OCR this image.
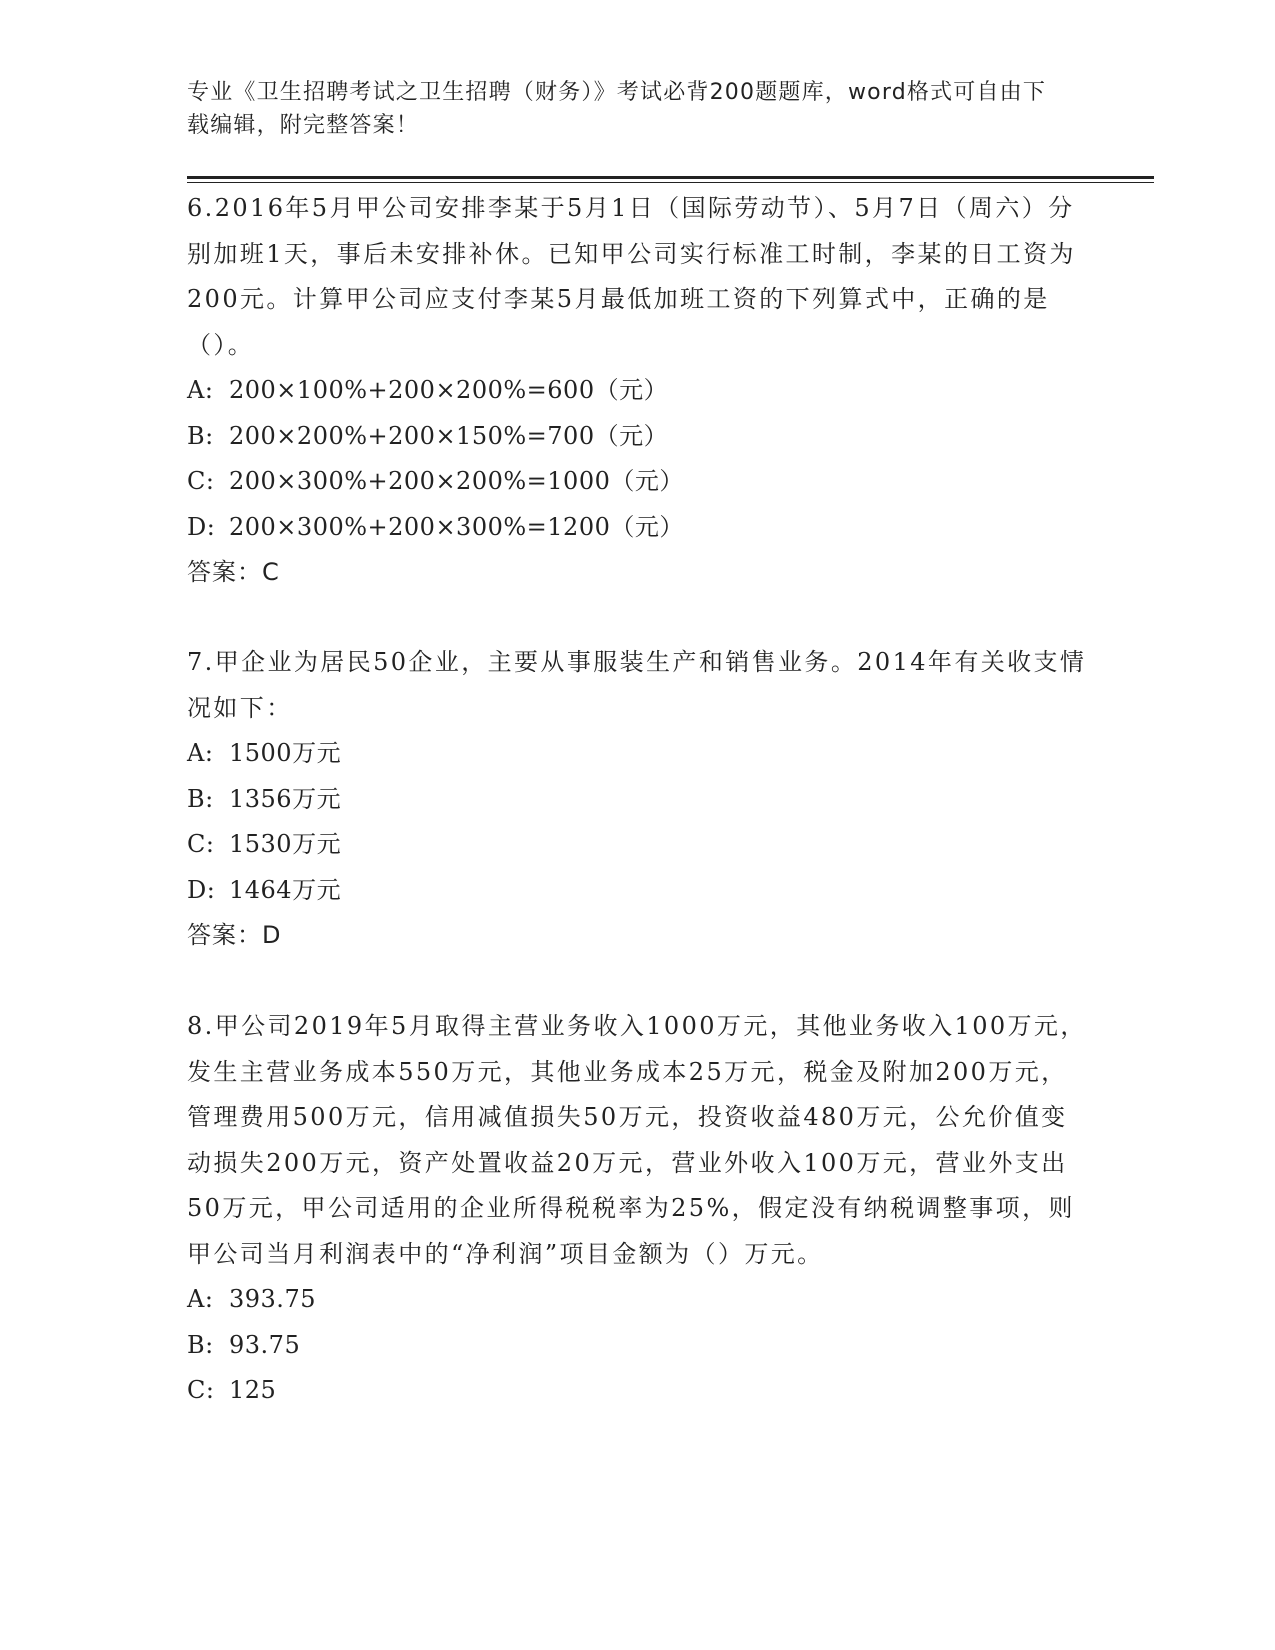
专业《卫生招聘考试之卫生招聘（财务）》考试必背200题题库，word格式可自由下载编辑，附完整答案！

6.2016年5月甲公司安排李某于5月1日（国际劳动节）、5月7日（周六）分别加班1天，事后未安排补休。已知甲公司实行标准工时制，李某的日工资为200元。计算甲公司应支付李某5月最低加班工资的下列算式中，正确的是（）。

A: 200×100%+200×200%=600（元）

B: 200×200%+200×150%=700（元）

C: 200×300%+200×200%=1000（元）

D: 200×300%+200×300%=1200（元）

答案：C

7.甲企业为居民50企业，主要从事服装生产和销售业务。2014年有关收支情况如下：

A: 1500万元

B: 1356万元

C: 1530万元

D: 1464万元

答案：D

8.甲公司2019年5月取得主营业务收入1000万元，其他业务收入100万元，发生主营业务成本550万元，其他业务成本25万元，税金及附加200万元，管理费用500万元，信用减值损失50万元，投资收益480万元，公允价值变动损失200万元，资产处置收益20万元，营业外收入100万元，营业外支出50万元，甲公司适用的企业所得税税率为25%，假定没有纳税调整事项，则甲公司当月利润表中的“净利润”项目金额为（）万元。

A: 393.75

B: 93.75

C: 125
